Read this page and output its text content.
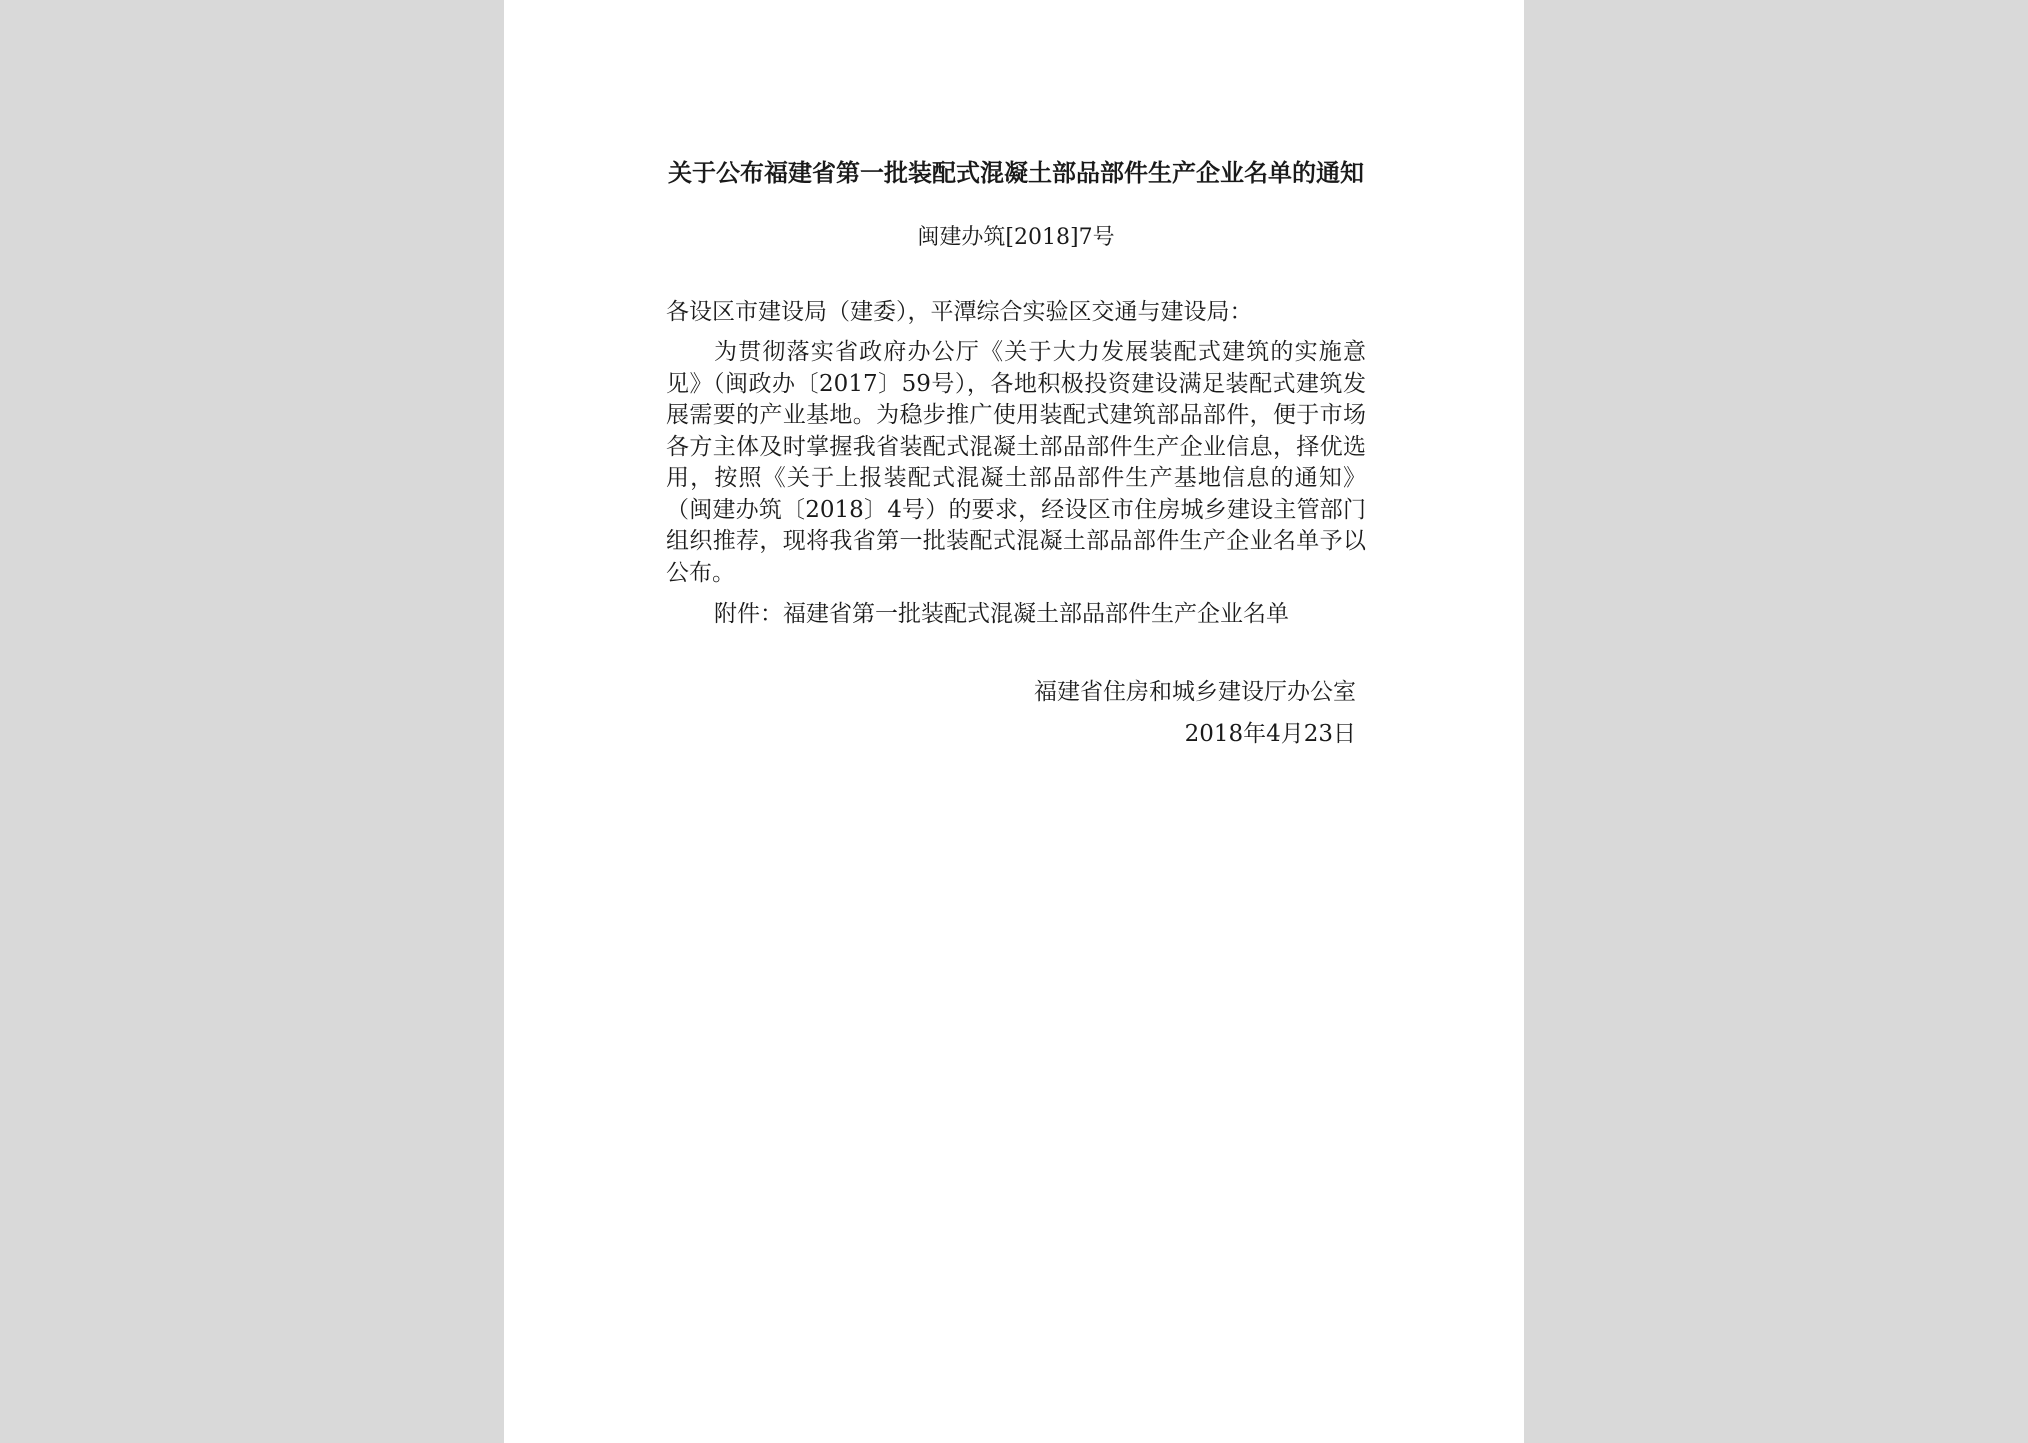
关于公布福建省第一批装配式混凝土部品部件生产企业名单的通知
闽建办筑[2018]7号
各设区市建设局（建委），平潭综合实验区交通与建设局：

为贯彻落实省政府办公厅《关于大力发展装配式建筑的实施意见》（闽政办〔2017〕59号），各地积极投资建设满足装配式建筑发展需要的产业基地。为稳步推广使用装配式建筑部品部件，便于市场各方主体及时掌握我省装配式混凝土部品部件生产企业信息，择优选用，按照《关于上报装配式混凝土部品部件生产基地信息的通知》（闽建办筑〔2018〕4号）的要求，经设区市住房城乡建设主管部门组织推荐，现将我省第一批装配式混凝土部品部件生产企业名单予以公布。

附件：福建省第一批装配式混凝土部品部件生产企业名单
福建省住房和城乡建设厅办公室
2018年4月23日
